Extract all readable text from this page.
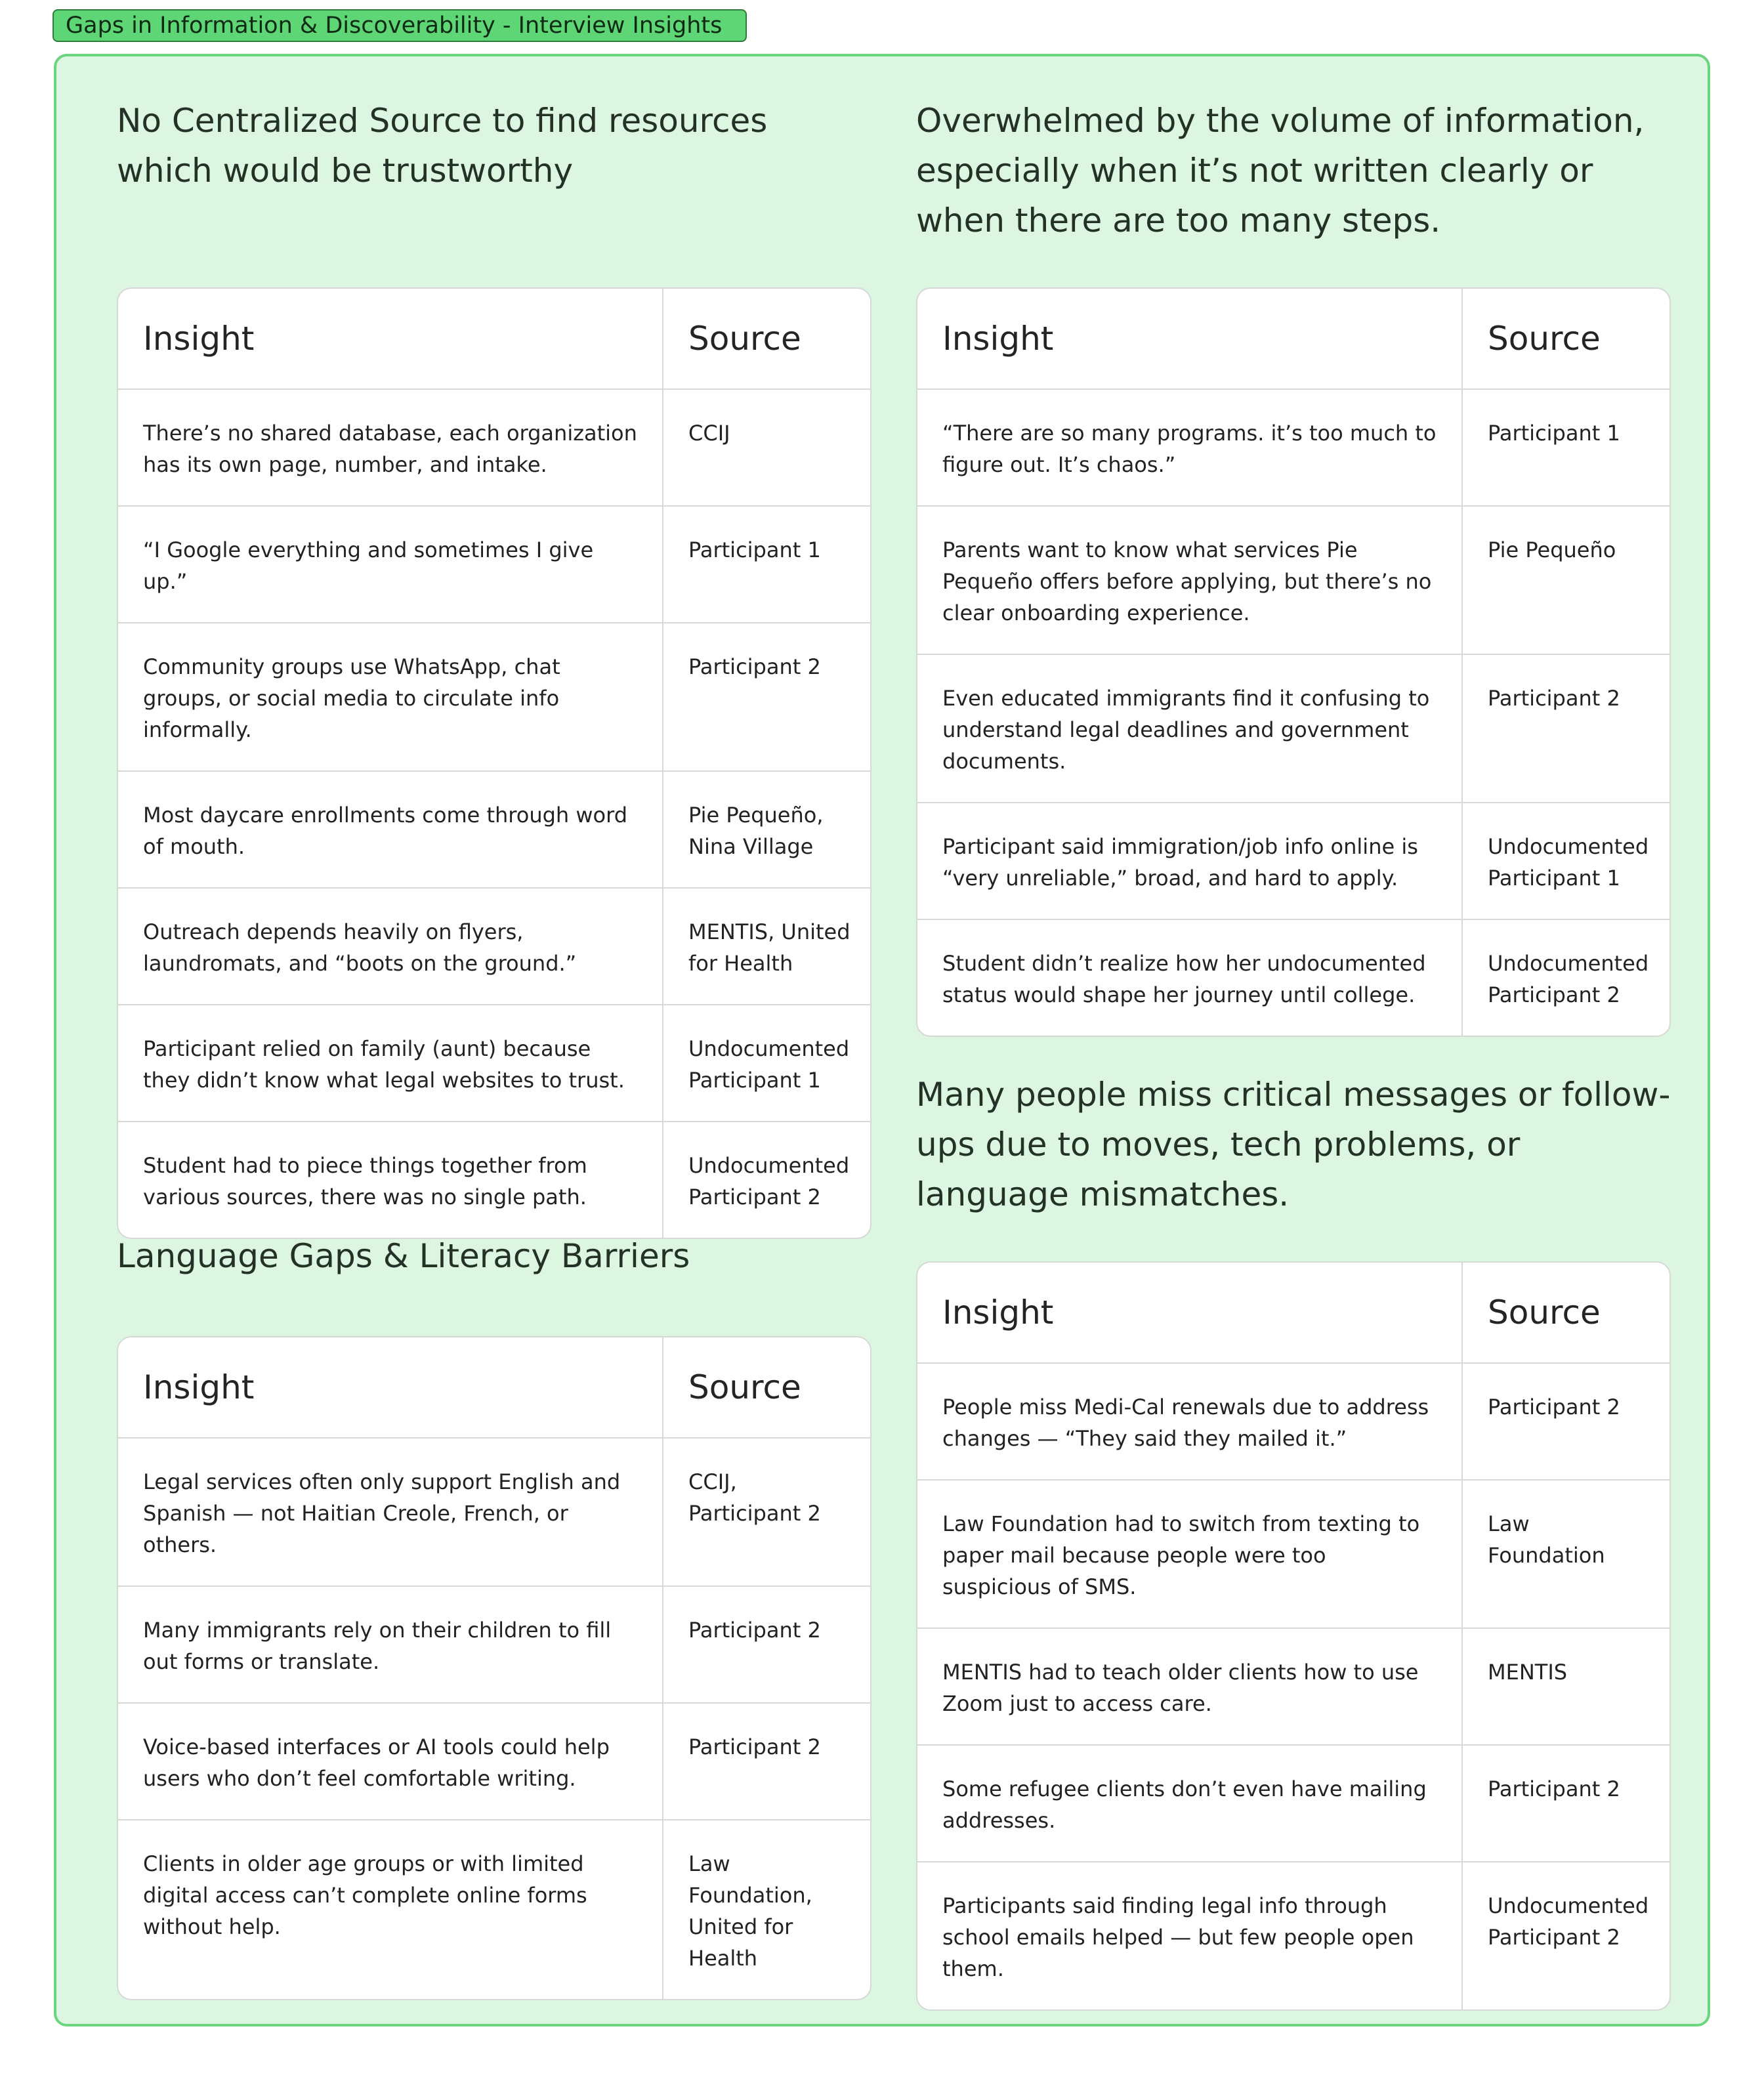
Gaps in Information & Discoverability - Interview Insights
No Centralized Source to find resources which would be trustworthy
Insight	Source
There’s no shared database, each organization has its own page, number, and intake.	CCIJ
“I Google everything and sometimes I give up.”	Participant 1
Community groups use WhatsApp, chat groups, or social media to circulate info informally.	Participant 2
Most daycare enrollments come through word of mouth.	Pie Pequeño, Nina Village
Outreach depends heavily on flyers, laundromats, and “boots on the ground.”	MENTIS, United for Health
Participant relied on family (aunt) because they didn’t know what legal websites to trust.	Undocumented Participant 1
Student had to piece things together from various sources, there was no single path.	Undocumented Participant 2
Language Gaps & Literacy Barriers
Insight	Source
Legal services often only support English and Spanish — not Haitian Creole, French, or others.	CCIJ, Participant 2
Many immigrants rely on their children to fill out forms or translate.	Participant 2
Voice-based interfaces or AI tools could help users who don’t feel comfortable writing.	Participant 2
Clients in older age groups or with limited digital access can’t complete online forms without help.	Law Foundation, United for Health
Overwhelmed by the volume of information, especially when it’s not written clearly or when there are too many steps.
Insight	Source
“There are so many programs. it’s too much to figure out. It’s chaos.”	Participant 1
Parents want to know what services Pie Pequeño offers before applying, but there’s no clear onboarding experience.	Pie Pequeño
Even educated immigrants find it confusing to understand legal deadlines and government documents.	Participant 2
Participant said immigration/job info online is “very unreliable,” broad, and hard to apply.	Undocumented Participant 1
Student didn’t realize how her undocumented status would shape her journey until college.	Undocumented Participant 2
Many people miss critical messages or follow-ups due to moves, tech problems, or language mismatches.
Insight	Source
People miss Medi-Cal renewals due to address changes — “They said they mailed it.”	Participant 2
Law Foundation had to switch from texting to paper mail because people were too suspicious of SMS.	Law Foundation
MENTIS had to teach older clients how to use Zoom just to access care.	MENTIS
Some refugee clients don’t even have mailing addresses.	Participant 2
Participants said finding legal info through school emails helped — but few people open them.	Undocumented Participant 2
